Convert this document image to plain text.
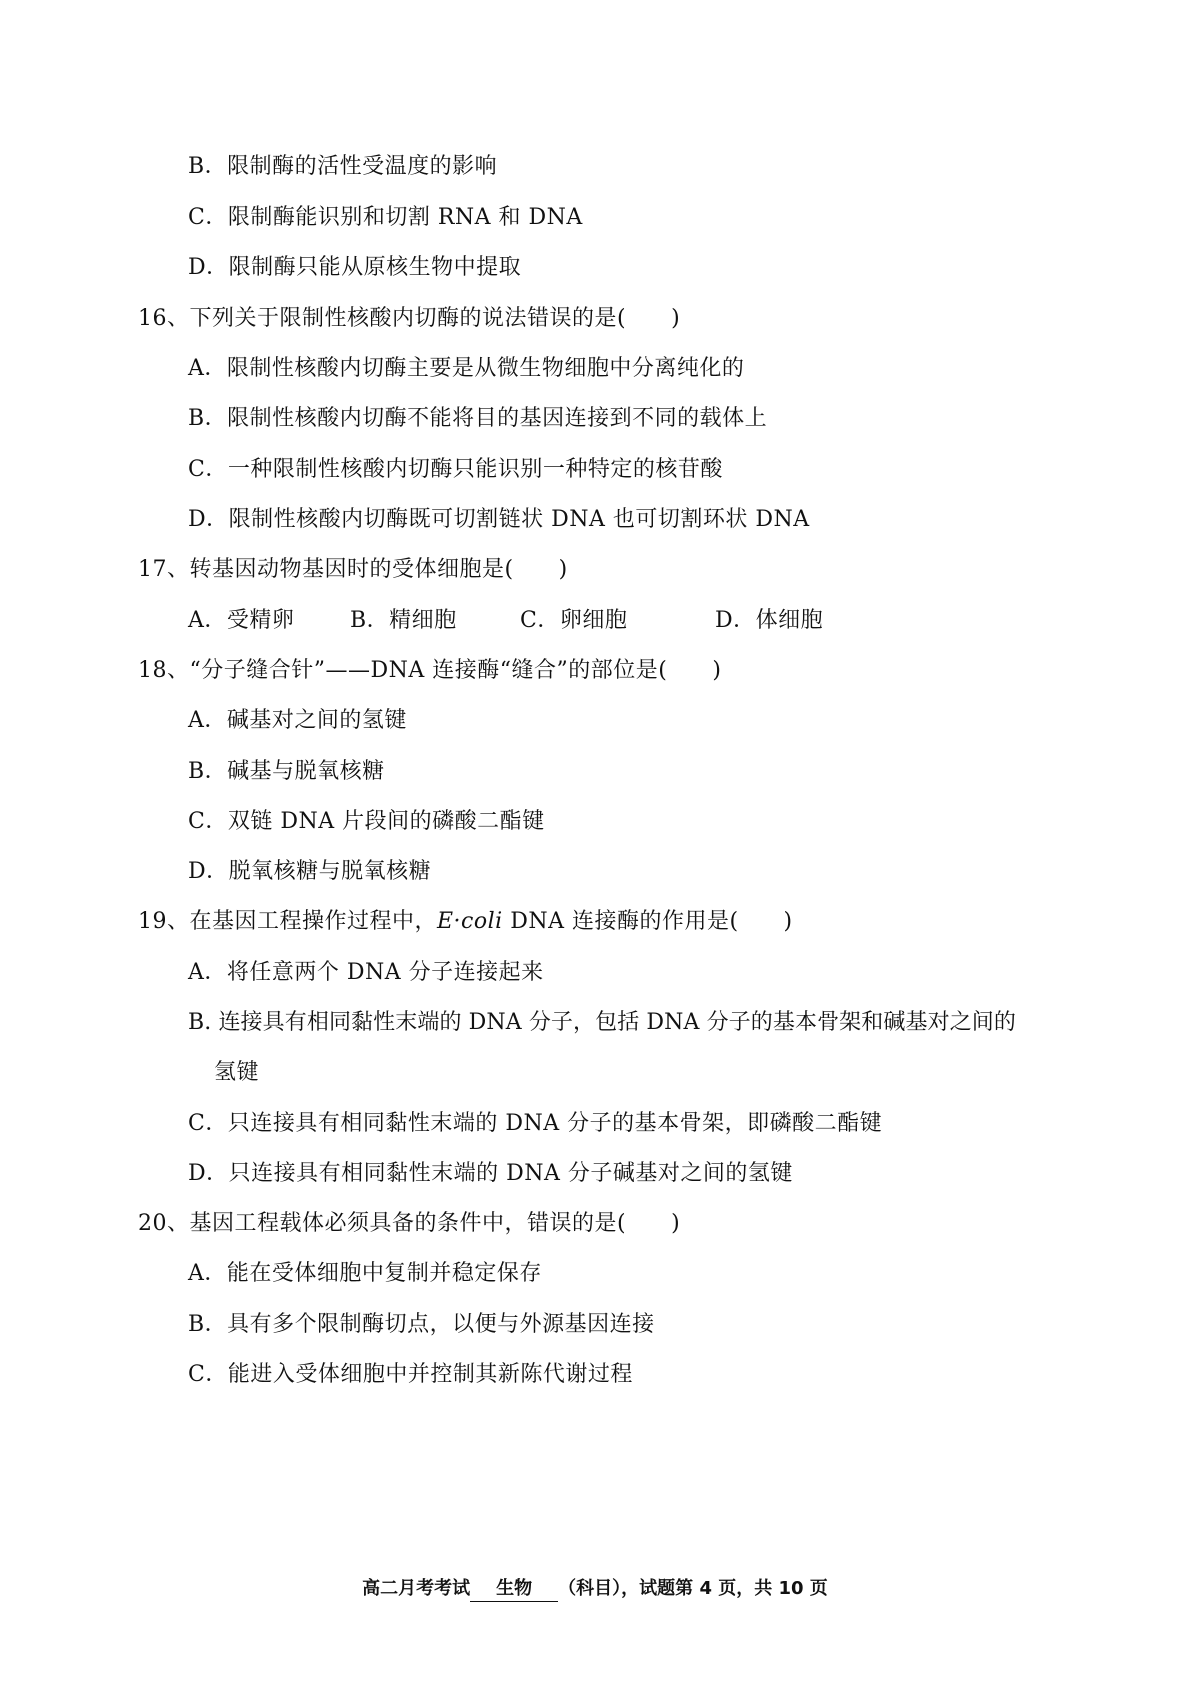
B．限制酶的活性受温度的影响
C．限制酶能识别和切割 RNA 和 DNA
D．限制酶只能从原核生物中提取
16、下列关于限制性核酸内切酶的说法错误的是(　　)
A．限制性核酸内切酶主要是从微生物细胞中分离纯化的
B．限制性核酸内切酶不能将目的基因连接到不同的载体上
C．一种限制性核酸内切酶只能识别一种特定的核苷酸
D．限制性核酸内切酶既可切割链状 DNA 也可切割环状 DNA
17、转基因动物基因时的受体细胞是(　　)
A．受精卵	B．精细胞	C．卵细胞	D．体细胞
18、“分子缝合针”——DNA 连接酶“缝合”的部位是(　　)
A．碱基对之间的氢键
B．碱基与脱氧核糖
C．双链 DNA 片段间的磷酸二酯键
D．脱氧核糖与脱氧核糖
19、在基因工程操作过程中，E·coli DNA 连接酶的作用是(　　)
A．将任意两个 DNA 分子连接起来
B. 连接具有相同黏性末端的 DNA 分子，包括 DNA 分子的基本骨架和碱基对之间的
氢键
C．只连接具有相同黏性末端的 DNA 分子的基本骨架，即磷酸二酯键
D．只连接具有相同黏性末端的 DNA 分子碱基对之间的氢键
20、基因工程载体必须具备的条件中，错误的是(　　)
A．能在受体细胞中复制并稳定保存
B．具有多个限制酶切点，以便与外源基因连接
C．能进入受体细胞中并控制其新陈代谢过程
高二月考考试 生物 （科目），试题第 4 页，共 10 页
